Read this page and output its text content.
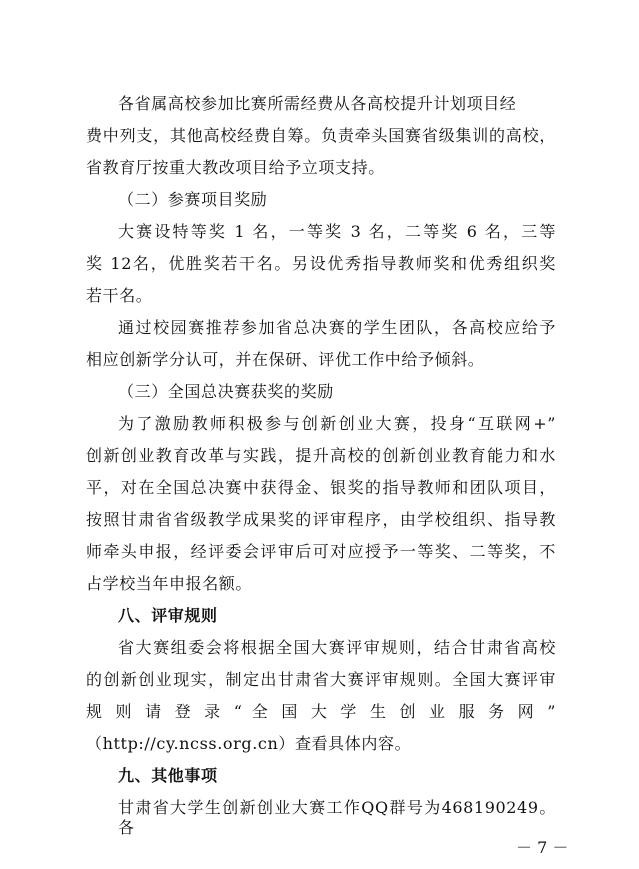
各省属高校参加比赛所需经费从各高校提升计划项目经
费中列支，其他高校经费自筹。负责牵头国赛省级集训的高校，
省教育厅按重大教改项目给予立项支持。
（二）参赛项目奖励
大赛设特等奖 1 名，一等奖 3 名，二等奖 6 名，三等
奖 12名，优胜奖若干名。另设优秀指导教师奖和优秀组织奖
若干名。
通过校园赛推荐参加省总决赛的学生团队，各高校应给予
相应创新学分认可，并在保研、评优工作中给予倾斜。
（三）全国总决赛获奖的奖励
为了激励教师积极参与创新创业大赛，投身“互联网+”
创新创业教育改革与实践，提升高校的创新创业教育能力和水
平，对在全国总决赛中获得金、银奖的指导教师和团队项目，
按照甘肃省省级教学成果奖的评审程序，由学校组织、指导教
师牵头申报，经评委会评审后可对应授予一等奖、二等奖，不
占学校当年申报名额。
八、评审规则
省大赛组委会将根据全国大赛评审规则，结合甘肃省高校
的创新创业现实，制定出甘肃省大赛评审规则。全国大赛评审
规 则 请 登 录 “ 全 国 大 学 生 创 业 服 务 网 ”
（http://cy.ncss.org.cn）查看具体内容。
九、其他事项
甘肃省大学生创新创业大赛工作QQ群号为468190249。各
－ 7 －
